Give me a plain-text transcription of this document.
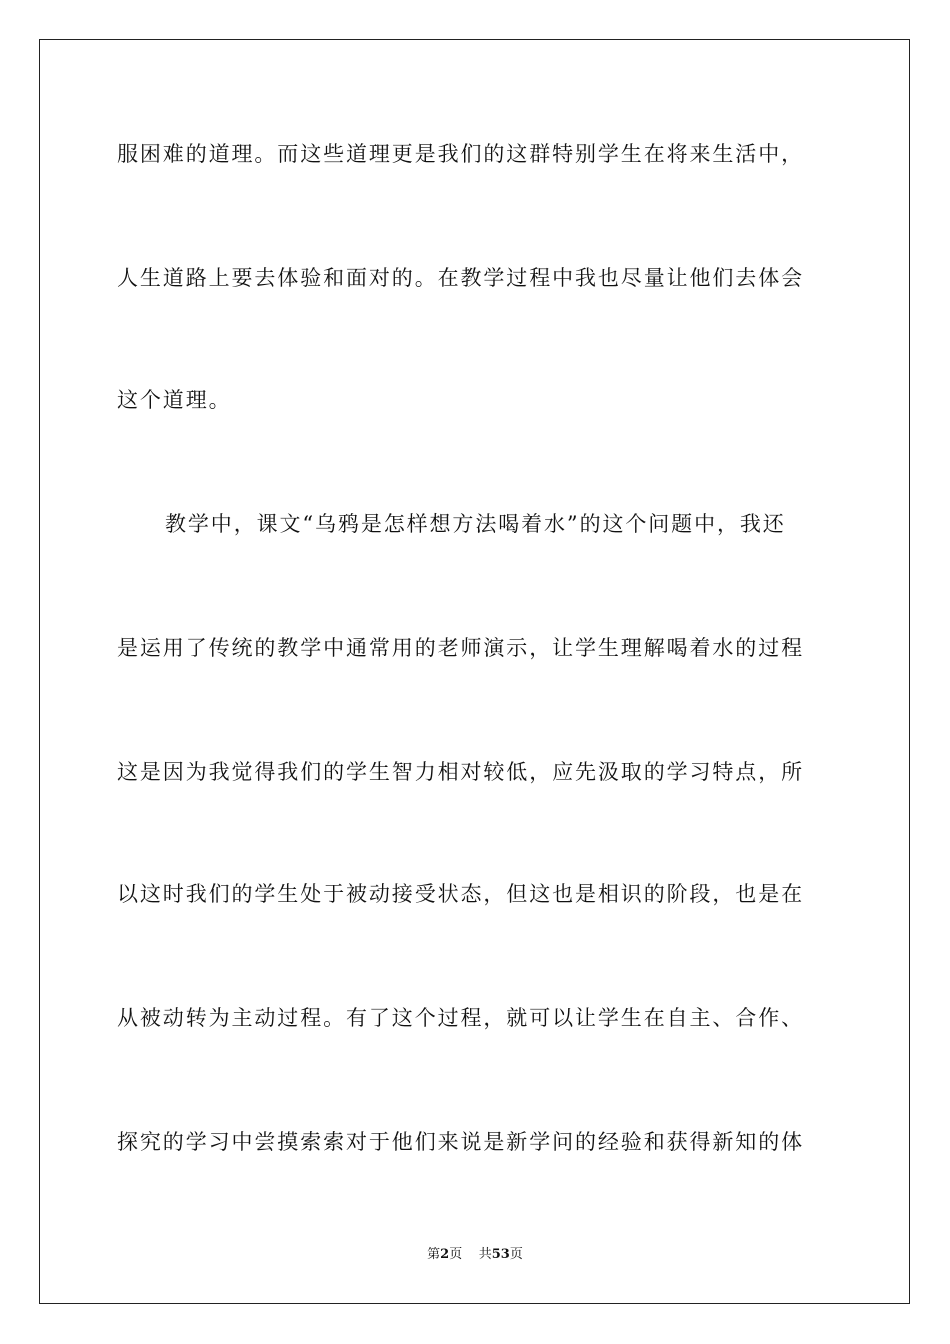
服困难的道理。而这些道理更是我们的这群特别学生在将来生活中，
人生道路上要去体验和面对的。在教学过程中我也尽量让他们去体会
这个道理。
教学中，课文“乌鸦是怎样想方法喝着水”的这个问题中，我还
是运用了传统的教学中通常用的老师演示，让学生理解喝着水的过程
这是因为我觉得我们的学生智力相对较低，应先汲取的学习特点，所
以这时我们的学生处于被动接受状态，但这也是相识的阶段，也是在
从被动转为主动过程。有了这个过程，就可以让学生在自主、合作、
探究的学习中尝摸索索对于他们来说是新学问的经验和获得新知的体
第2页 共53页
